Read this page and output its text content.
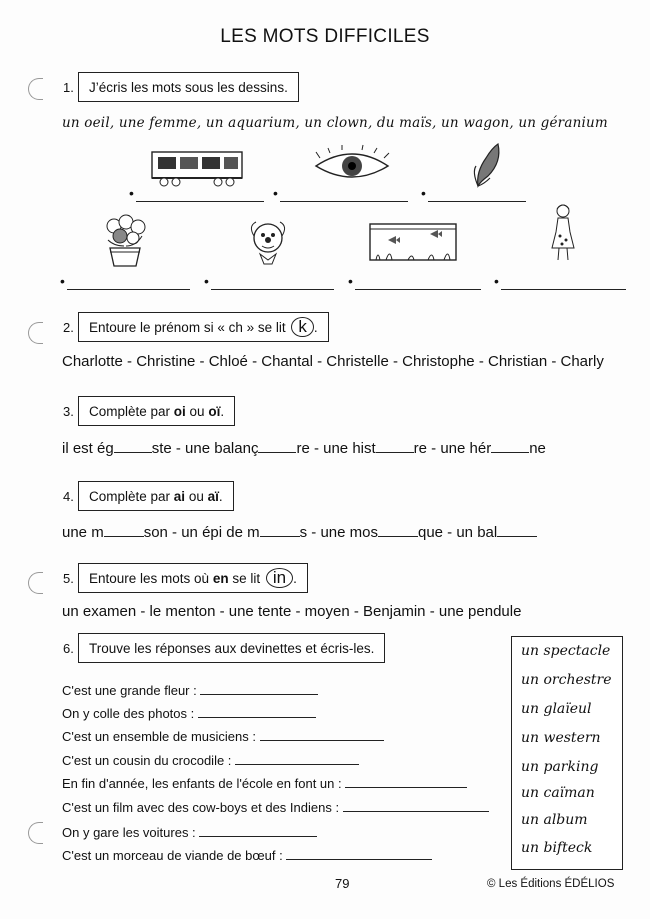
LES MOTS DIFFICILES
1.	J’écris les mots sous les dessins.
un oeil, une femme, un aquarium, un clown, du maïs, un wagon, un géranium
•	•	•
•	•	•	•
2.	Entoure le prénom si « ch » se lit k .
Charlotte - Christine - Chloé - Chantal - Christelle - Christophe - Christian - Charly
3.	Complète par oi ou oï.
il est ég	ste - une balanç	re - une hist	re - une hér	ne
4.	Complète par ai ou aï.
une m	son - un épi de m	s - une mos	que - un bal
5.	Entoure les mots où en se lit in .
un examen - le menton - une tente - moyen - Benjamin - une pendule
6.	Trouve les réponses aux devinettes et écris-les.
C'est une grande fleur :
On y colle des photos :
C'est un ensemble de musiciens :
C'est un cousin du crocodile :
En fin d'année, les enfants de l'école en font un :
C'est un film avec des cow-boys et des Indiens :
On y gare les voitures :
C'est un morceau de viande de bœuf :
un spectacle
un orchestre
un glaïeul
un western
un parking
un caïman
un album
un bifteck
79	© Les Éditions ÉDÉLIOS
